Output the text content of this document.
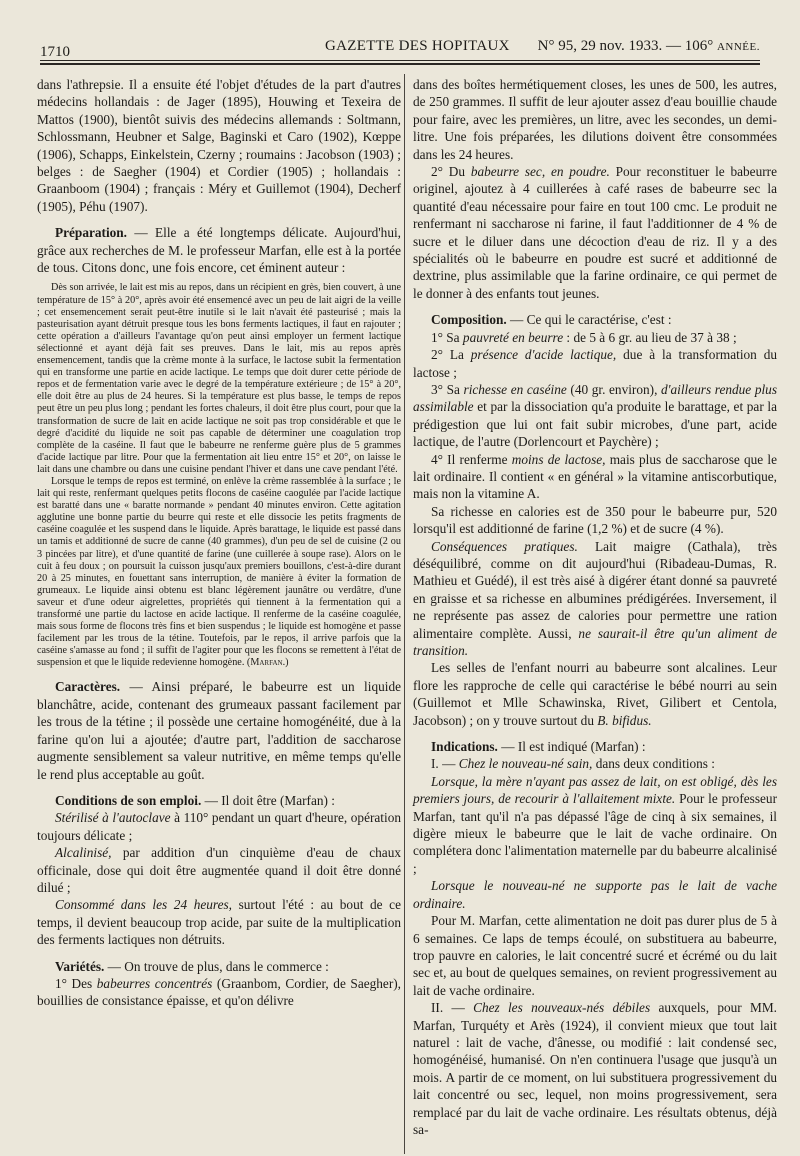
1710	GAZETTE DES HOPITAUX N° 95, 29 nov. 1933. — 106° ANNÉE.

dans l'athrepsie. Il a ensuite été l'objet d'études de la part d'autres médecins hollandais : de Jager (1895), Houwing et Texeira de Mattos (1900), bientôt suivis des médecins allemands : Soltmann, Schlossmann, Heubner et Salge, Baginski et Caro (1902), Kœppe (1906), Schapps, Einkelstein, Czerny ; roumains : Jacobson (1903) ; belges : de Saegher (1904) et Cordier (1905) ; hollandais : Graanboom (1904) ; français : Méry et Guillemot (1904), Decherf (1905), Péhu (1907).

Préparation. — Elle a été longtemps délicate. Aujourd'hui, grâce aux recherches de M. le professeur Marfan, elle est à la portée de tous. Citons donc, une fois encore, cet éminent auteur :

Dès son arrivée, le lait est mis au repos, dans un récipient en grès, bien couvert, à une température de 15° à 20°, après avoir été ensemencé avec un peu de lait aigri de la veille ; cet ensemencement serait peut-être inutile si le lait n'avait été pasteurisé ; mais la pasteurisation ayant détruit presque tous les bons ferments lactiques, il faut en rajouter ; cette opération a d'ailleurs l'avantage qu'on peut ainsi employer un ferment lactique sélectionné et ayant déjà fait ses preuves. Dans le lait, mis au repos après ensemencement, tandis que la crème monte à la surface, le lactose subit la fermentation qui en transforme une partie en acide lactique. Le temps que doit durer cette période de repos et de fermentation varie avec le degré de la température extérieure ; de 15° à 20°, elle doit être au plus de 24 heures. Si la température est plus basse, le temps de repos peut être un peu plus long ; pendant les fortes chaleurs, il doit être plus court, pour que la transformation de sucre de lait en acide lactique ne soit pas trop considérable et que le degré d'acidité du liquide ne soit pas capable de déterminer une coagulation trop complète de la caséine. Il faut que le babeurre ne renferme guère plus de 5 grammes d'acide lactique par litre. Pour que la fermentation ait lieu entre 15° et 20°, on laisse le lait dans une chambre ou dans une cuisine pendant l'hiver et dans une cave pendant l'été.

Lorsque le temps de repos est terminé, on enlève la crème rassemblée à la surface ; le lait qui reste, renfermant quelques petits flocons de caséine caogulée par l'acide lactique est baratté dans une « baratte normande » pendant 40 minutes environ. Cette agitation agglutine une bonne partie du beurre qui reste et elle dissocie les petits fragments de caséine coagulée et les suspend dans le liquide. Après barattage, le liquide est passé dans un tamis et additionné de sucre de canne (40 grammes), d'un peu de sel de cuisine (2 ou 3 pincées par litre), et d'une quantité de farine (une cuillerée à soupe rase). Alors on le cuit à feu doux ; on poursuit la cuisson jusqu'aux premiers bouillons, c'est-à-dire durant 20 à 25 minutes, en fouettant sans interruption, de manière à éviter la formation de grumeaux. Le liquide ainsi obtenu est blanc légèrement jaunâtre ou verdâtre, d'une saveur et d'une odeur aigrelettes, propriétés qui tiennent à la fermentation qui a transformé une partie du lactose en acide lactique. Il renferme de la caséine coagulée, mais sous forme de flocons très fins et bien suspendus ; le liquide est homogène et passe facilement par les trous de la tétine. Toutefois, par le repos, il arrive parfois que la caséine s'amasse au fond ; il suffit de l'agiter pour que les flocons se remettent à l'état de suspension et que le liquide redevienne homogène. (Marfan.)

Caractères. — Ainsi préparé, le babeurre est un liquide blanchâtre, acide, contenant des grumeaux passant facilement par les trous de la tétine ; il possède une certaine homogénéité, due à la farine qu'on lui a ajoutée; d'autre part, l'addition de saccharose augmente sensiblement sa valeur nutritive, en même temps qu'elle le rend plus acceptable au goût.

Conditions de son emploi. — Il doit être (Marfan) :

Stérilisé à l'autoclave à 110° pendant un quart d'heure, opération toujours délicate ;

Alcalinisé, par addition d'un cinquième d'eau de chaux officinale, dose qui doit être augmentée quand il doit être donné dilué ;

Consommé dans les 24 heures, surtout l'été : au bout de ce temps, il devient beaucoup trop acide, par suite de la multiplication des ferments lactiques non détruits.

Variétés. — On trouve de plus, dans le commerce :

1° Des babeurres concentrés (Graanbom, Cordier, de Saegher), bouillies de consistance épaisse, et qu'on délivre

dans des boîtes hermétiquement closes, les unes de 500, les autres, de 250 grammes. Il suffit de leur ajouter assez d'eau bouillie chaude pour faire, avec les premières, un litre, avec les secondes, un demi-litre. Une fois préparées, les dilutions doivent être consommées dans les 24 heures.

2° Du babeurre sec, en poudre. Pour reconstituer le babeurre originel, ajoutez à 4 cuillerées à café rases de babeurre sec la quantité d'eau nécessaire pour faire en tout 100 cmc. Le produit ne renfermant ni saccharose ni farine, il faut l'additionner de 4 % de sucre et le diluer dans une décoction d'eau de riz. Il y a des spécialités où le babeurre en poudre est sucré et additionné de dextrine, plus assimilable que la farine ordinaire, ce qui permet de le donner à des enfants tout jeunes.

Composition. — Ce qui le caractérise, c'est :

1° Sa pauvreté en beurre : de 5 à 6 gr. au lieu de 37 à 38 ;

2° La présence d'acide lactique, due à la transformation du lactose ;

3° Sa richesse en caséine (40 gr. environ), d'ailleurs rendue plus assimilable et par la dissociation qu'a produite le barattage, et par la prédigestion que lui ont fait subir microbes, d'une part, acide lactique, de l'autre (Dorlencourt et Paychère) ;

4° Il renferme moins de lactose, mais plus de saccharose que le lait ordinaire. Il contient « en général » la vitamine antiscorbutique, mais non la vitamine A.

Sa richesse en calories est de 350 pour le babeurre pur, 520 lorsqu'il est additionné de farine (1,2 %) et de sucre (4 %).

Conséquences pratiques. Lait maigre (Cathala), très déséquilibré, comme on dit aujourd'hui (Ribadeau-Dumas, R. Mathieu et Guédé), il est très aisé à digérer étant donné sa pauvreté en graisse et sa richesse en albumines prédigérées. Inversement, il ne représente pas assez de calories pour permettre une ration alimentaire complète. Aussi, ne saurait-il être qu'un aliment de transition.

Les selles de l'enfant nourri au babeurre sont alcalines. Leur flore les rapproche de celle qui caractérise le bébé nourri au sein (Guillemot et Mlle Schawinska, Rivet, Gilibert et Centola, Jacobson) ; on y trouve surtout du B. bifidus.

Indications. — Il est indiqué (Marfan) :

I. — Chez le nouveau-né sain, dans deux conditions :

Lorsque, la mère n'ayant pas assez de lait, on est obligé, dès les premiers jours, de recourir à l'allaitement mixte. Pour le professeur Marfan, tant qu'il n'a pas dépassé l'âge de cinq à six semaines, il digère mieux le babeurre que le lait de vache ordinaire. On complétera donc l'alimentation maternelle par du babeurre alcalinisé ;

Lorsque le nouveau-né ne supporte pas le lait de vache ordinaire.

Pour M. Marfan, cette alimentation ne doit pas durer plus de 5 à 6 semaines. Ce laps de temps écoulé, on substituera au babeurre, trop pauvre en calories, le lait concentré sucré et écrémé ou du lait sec et, au bout de quelques semaines, on revient progressivement au lait de vache ordinaire.

II. — Chez les nouveaux-nés débiles auxquels, pour MM. Marfan, Turquéty et Arès (1924), il convient mieux que tout lait naturel : lait de vache, d'ânesse, ou modifié : lait condensé sec, homogénéisé, humanisé. On n'en continuera l'usage que jusqu'à un mois. A partir de ce moment, on lui substituera progressivement du lait concentré ou sec, lequel, non moins progressivement, sera remplacé par du lait de vache ordinaire. Les résultats obtenus, déjà sa-
